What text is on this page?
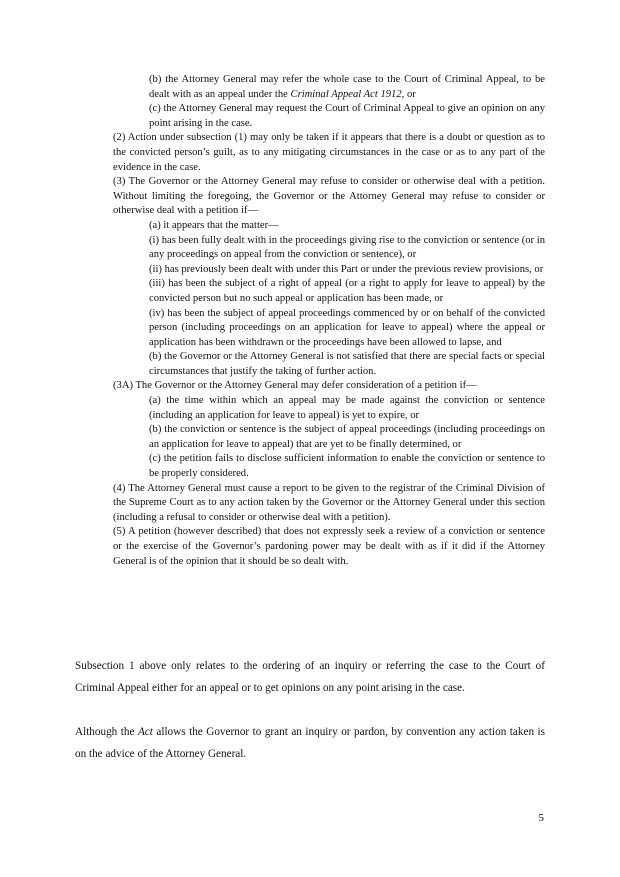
(b) the Attorney General may refer the whole case to the Court of Criminal Appeal, to be dealt with as an appeal under the Criminal Appeal Act 1912, or

(c) the Attorney General may request the Court of Criminal Appeal to give an opinion on any point arising in the case.

(2) Action under subsection (1) may only be taken if it appears that there is a doubt or question as to the convicted person’s guilt, as to any mitigating circumstances in the case or as to any part of the evidence in the case.

(3) The Governor or the Attorney General may refuse to consider or otherwise deal with a petition. Without limiting the foregoing, the Governor or the Attorney General may refuse to consider or otherwise deal with a petition if—

(a) it appears that the matter—

(i) has been fully dealt with in the proceedings giving rise to the conviction or sentence (or in any proceedings on appeal from the conviction or sentence), or

(ii) has previously been dealt with under this Part or under the previous review provisions, or

(iii) has been the subject of a right of appeal (or a right to apply for leave to appeal) by the convicted person but no such appeal or application has been made, or

(iv) has been the subject of appeal proceedings commenced by or on behalf of the convicted person (including proceedings on an application for leave to appeal) where the appeal or application has been withdrawn or the proceedings have been allowed to lapse, and

(b) the Governor or the Attorney General is not satisfied that there are special facts or special circumstances that justify the taking of further action.

(3A) The Governor or the Attorney General may defer consideration of a petition if—

(a) the time within which an appeal may be made against the conviction or sentence (including an application for leave to appeal) is yet to expire, or

(b) the conviction or sentence is the subject of appeal proceedings (including proceedings on an application for leave to appeal) that are yet to be finally determined, or

(c) the petition fails to disclose sufficient information to enable the conviction or sentence to be properly considered.

(4) The Attorney General must cause a report to be given to the registrar of the Criminal Division of the Supreme Court as to any action taken by the Governor or the Attorney General under this section (including a refusal to consider or otherwise deal with a petition).

(5) A petition (however described) that does not expressly seek a review of a conviction or sentence or the exercise of the Governor’s pardoning power may be dealt with as if it did if the Attorney General is of the opinion that it should be so dealt with.

Subsection 1 above only relates to the ordering of an inquiry or referring the case to the Court of Criminal Appeal either for an appeal or to get opinions on any point arising in the case.

Although the Act allows the Governor to grant an inquiry or pardon, by convention any action taken is on the advice of the Attorney General.

5
